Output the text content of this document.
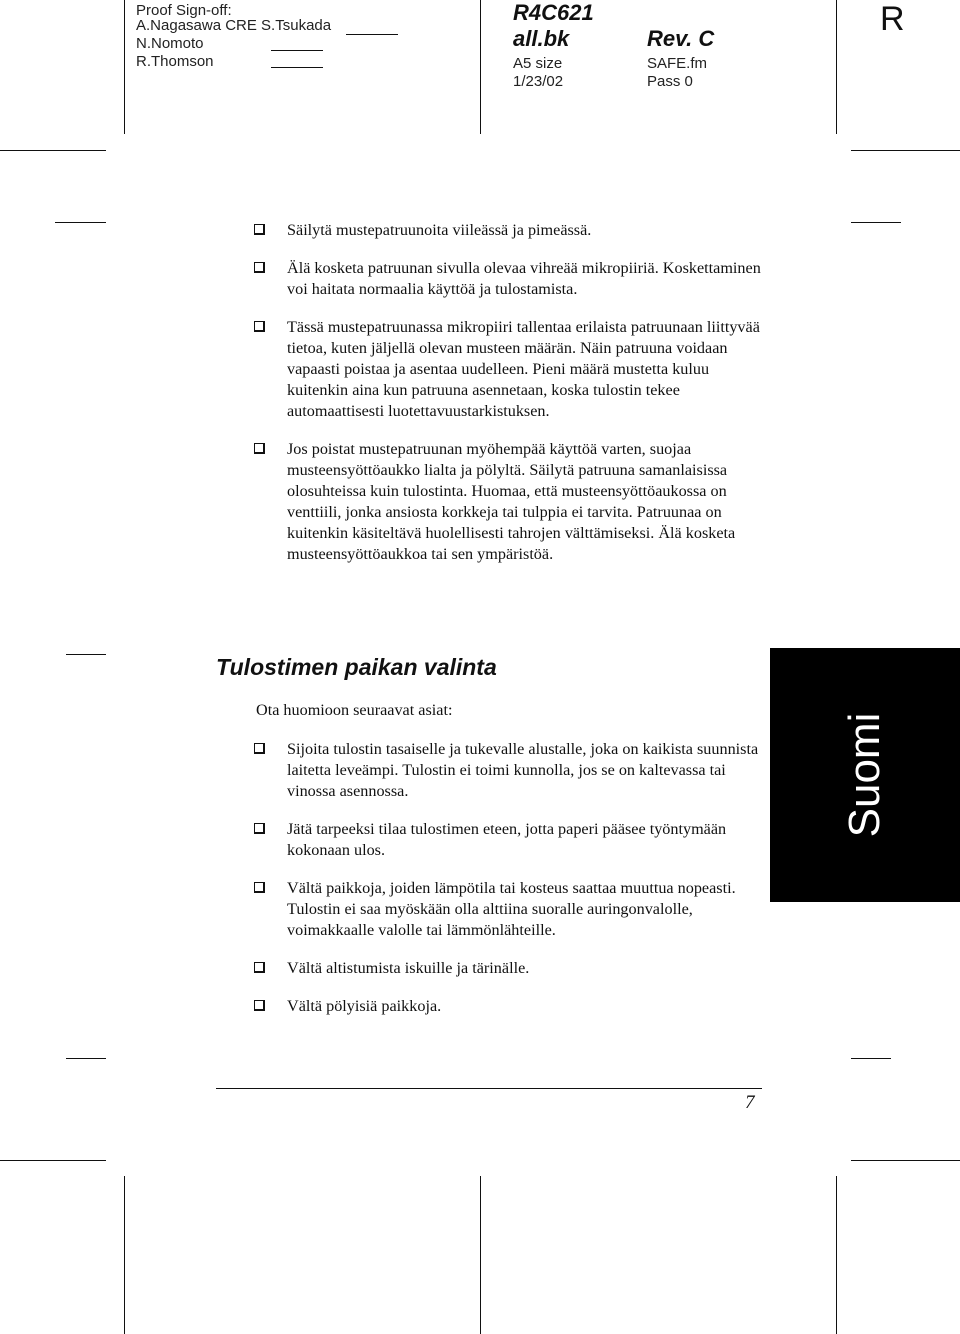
Proof Sign-off:
A.Nagasawa CRE S.Tsukada
N.Nomoto
R.Thomson
R4C621
all.bk	Rev. C
A5 size
1/23/02
SAFE.fm
Pass 0
R
Säilytä mustepatruunoita viileässä ja pimeässä.
Älä kosketa patruunan sivulla olevaa vihreää mikropiiriä. Koskettaminen voi haitata normaalia käyttöä ja tulostamista.
Tässä mustepatruunassa mikropiiri tallentaa erilaista patruunaan liittyvää tietoa, kuten jäljellä olevan musteen määrän. Näin patruuna voidaan vapaasti poistaa ja asentaa uudelleen. Pieni määrä mustetta kuluu kuitenkin aina kun patruuna asennetaan, koska tulostin tekee automaattisesti luotettavuustarkistuksen.
Jos poistat mustepatruunan myöhempää käyttöä varten, suojaa musteensyöttöaukko lialta ja pölyltä. Säilytä patruuna samanlaisissa olosuhteissa kuin tulostinta. Huomaa, että musteensyöttöaukossa on venttiili, jonka ansiosta korkkeja tai tulppia ei tarvita. Patruunaa on kuitenkin käsiteltävä huolellisesti tahrojen välttämiseksi. Älä kosketa musteensyöttöaukkoa tai sen ympäristöä.
Tulostimen paikan valinta
Ota huomioon seuraavat asiat:
Sijoita tulostin tasaiselle ja tukevalle alustalle, joka on kaikista suunnista laitetta leveämpi. Tulostin ei toimi kunnolla, jos se on kaltevassa tai vinossa asennossa.
Jätä tarpeeksi tilaa tulostimen eteen, jotta paperi pääsee työntymään kokonaan ulos.
Vältä paikkoja, joiden lämpötila tai kosteus saattaa muuttua nopeasti. Tulostin ei saa myöskään olla alttiina suoralle auringonvalolle, voimakkaalle valolle tai lämmönlähteille.
Vältä altistumista iskuille ja tärinälle.
Vältä pölyisiä paikkoja.
Suomi
7
